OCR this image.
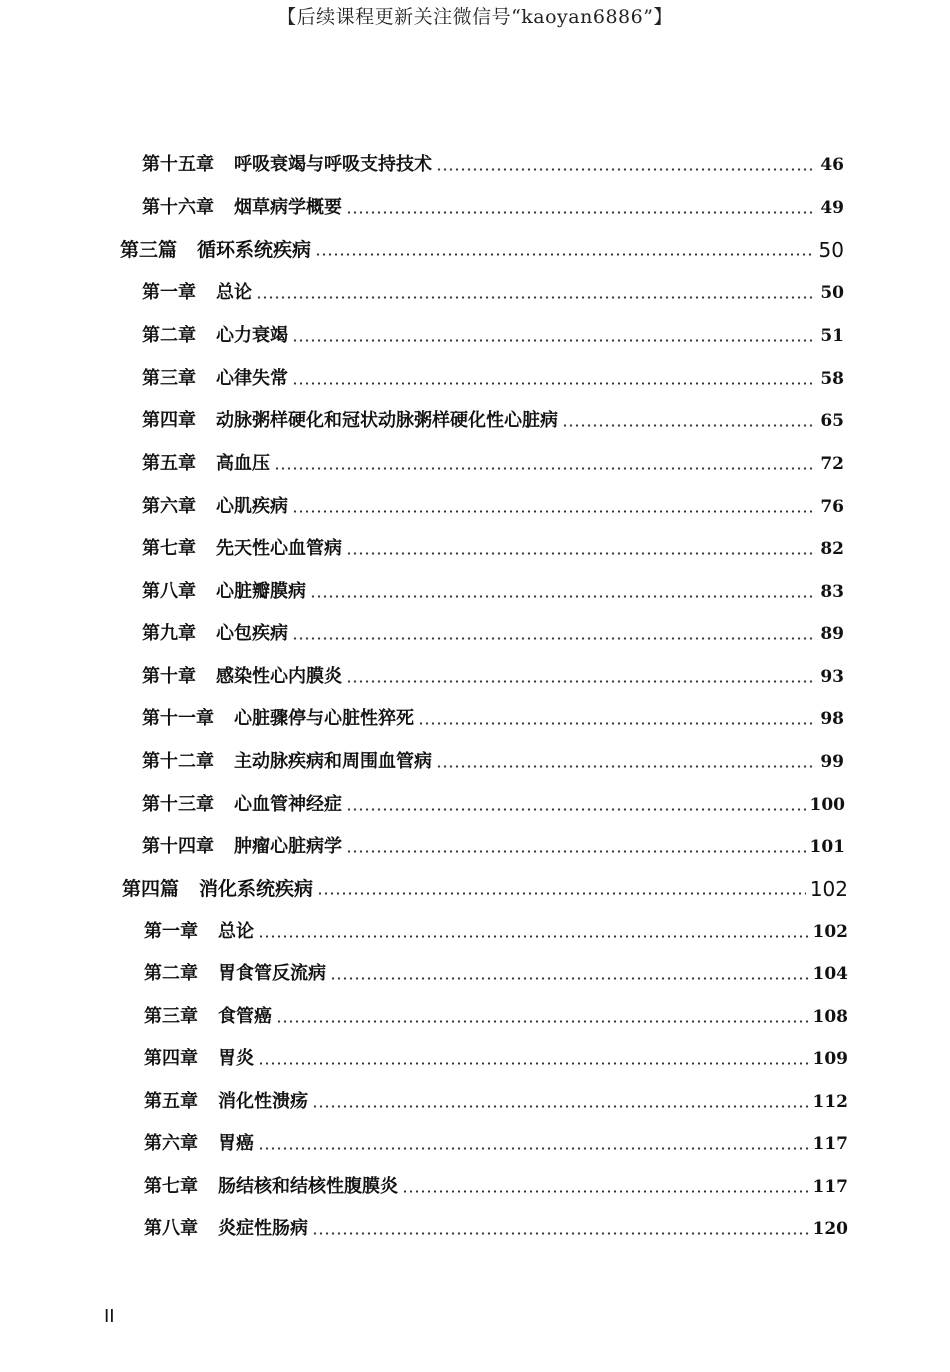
【后续课程更新关注微信号“kaoyan6886”】
第十五章 呼吸衰竭与呼吸支持技术	46
第十六章 烟草病学概要	49
第三篇 循环系统疾病	50
第一章 总论	50
第二章 心力衰竭	51
第三章 心律失常	58
第四章 动脉粥样硬化和冠状动脉粥样硬化性心脏病	65
第五章 高血压	72
第六章 心肌疾病	76
第七章 先天性心血管病	82
第八章 心脏瓣膜病	83
第九章 心包疾病	89
第十章 感染性心内膜炎	93
第十一章 心脏骤停与心脏性猝死	98
第十二章 主动脉疾病和周围血管病	99
第十三章 心血管神经症	100
第十四章 肿瘤心脏病学	101
第四篇 消化系统疾病	102
第一章 总论	102
第二章 胃食管反流病	104
第三章 食管癌	108
第四章 胃炎	109
第五章 消化性溃疡	112
第六章 胃癌	117
第七章 肠结核和结核性腹膜炎	117
第八章 炎症性肠病	120
II
